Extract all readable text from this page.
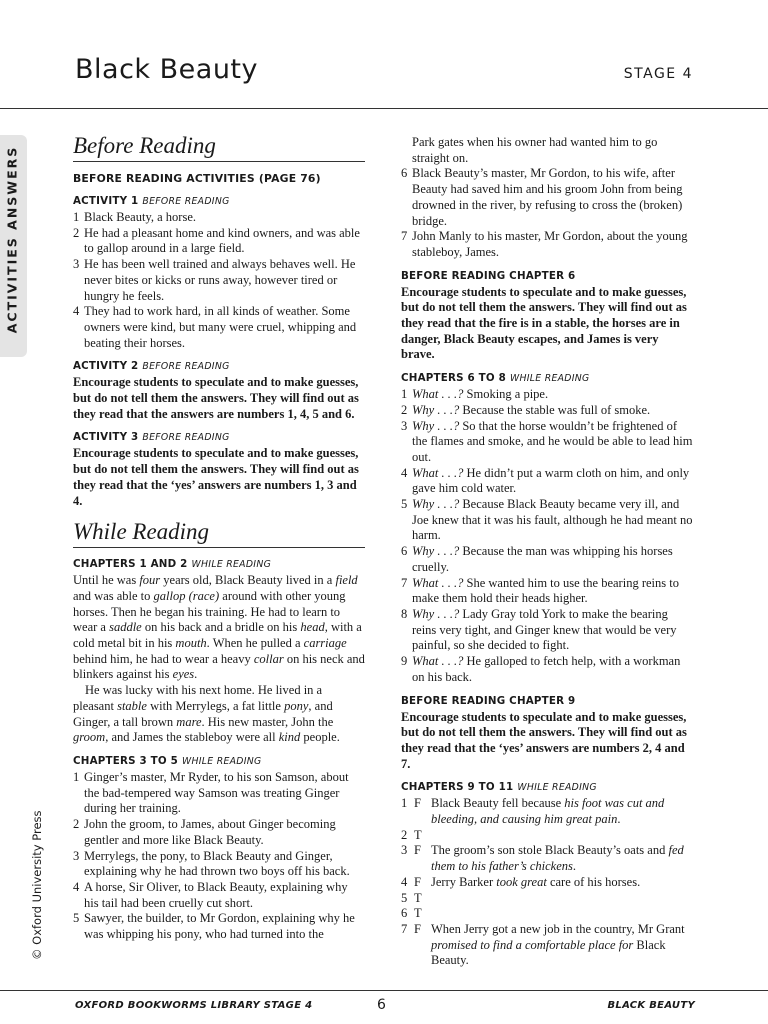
Black Beauty	STAGE 4
ACTIVITIES ANSWERS
© Oxford University Press
Before Reading
BEFORE READING ACTIVITIES (PAGE 76)
ACTIVITY 1 BEFORE READING
1 Black Beauty, a horse.
2 He had a pleasant home and kind owners, and was able to gallop around in a large field.
3 He has been well trained and always behaves well. He never bites or kicks or runs away, however tired or hungry he feels.
4 They had to work hard, in all kinds of weather. Some owners were kind, but many were cruel, whipping and beating their horses.
ACTIVITY 2 BEFORE READING

Encourage students to speculate and to make guesses, but do not tell them the answers. They will find out as they read that the answers are numbers 1, 4, 5 and 6.

ACTIVITY 3 BEFORE READING

Encourage students to speculate and to make guesses, but do not tell them the answers. They will find out as they read that the ‘yes’ answers are numbers 1, 3 and 4.

While Reading
CHAPTERS 1 AND 2 WHILE READING

Until he was four years old, Black Beauty lived in a field and was able to gallop (race) around with other young horses. Then he began his training. He had to learn to wear a saddle on his back and a bridle on his head, with a cold metal bit in his mouth. When he pulled a carriage behind him, he had to wear a heavy collar on his neck and blinkers against his eyes.

He was lucky with his next home. He lived in a pleasant stable with Merrylegs, a fat little pony, and Ginger, a tall brown mare. His new master, John the groom, and James the stableboy were all kind people.

CHAPTERS 3 TO 5 WHILE READING
1 Ginger’s master, Mr Ryder, to his son Samson, about the bad-tempered way Samson was treating Ginger during her training.
2 John the groom, to James, about Ginger becoming gentler and more like Black Beauty.
3 Merrylegs, the pony, to Black Beauty and Ginger, explaining why he had thrown two boys off his back.
4 A horse, Sir Oliver, to Black Beauty, explaining why his tail had been cruelly cut short.
5 Sawyer, the builder, to Mr Gordon, explaining why he was whipping his pony, who had turned into the

Park gates when his owner had wanted him to go straight on.

6 Black Beauty’s master, Mr Gordon, to his wife, after Beauty had saved him and his groom John from being drowned in the river, by refusing to cross the (broken) bridge.
7 John Manly to his master, Mr Gordon, about the young stableboy, James.
BEFORE READING CHAPTER 6

Encourage students to speculate and to make guesses, but do not tell them the answers. They will find out as they read that the fire is in a stable, the horses are in danger, Black Beauty escapes, and James is very brave.

CHAPTERS 6 TO 8 WHILE READING
1 What . . .? Smoking a pipe.
2 Why . . .? Because the stable was full of smoke.
3 Why . . .? So that the horse wouldn’t be frightened of the flames and smoke, and he would be able to lead him out.
4 What . . .? He didn’t put a warm cloth on him, and only gave him cold water.
5 Why . . .? Because Black Beauty became very ill, and Joe knew that it was his fault, although he had meant no harm.
6 Why . . .? Because the man was whipping his horses cruelly.
7 What . . .? She wanted him to use the bearing reins to make them hold their heads higher.
8 Why . . .? Lady Gray told York to make the bearing reins very tight, and Ginger knew that would be very painful, so she decided to fight.
9 What . . .? He galloped to fetch help, with a workman on his back.
BEFORE READING CHAPTER 9

Encourage students to speculate and to make guesses, but do not tell them the answers. They will find out as they read that the ‘yes’ answers are numbers 2, 4 and 7.

CHAPTERS 9 TO 11 WHILE READING
1 F Black Beauty fell because his foot was cut and bleeding, and causing him great pain.
2 T

3 F The groom’s son stole Black Beauty’s oats and fed them to his father’s chickens.
4 F Jerry Barker took great care of his horses.
5 T

6 T

7 F When Jerry got a new job in the country, Mr Grant promised to find a comfortable place for Black Beauty.
OXFORD BOOKWORMS LIBRARY STAGE 4	6	BLACK BEAUTY
